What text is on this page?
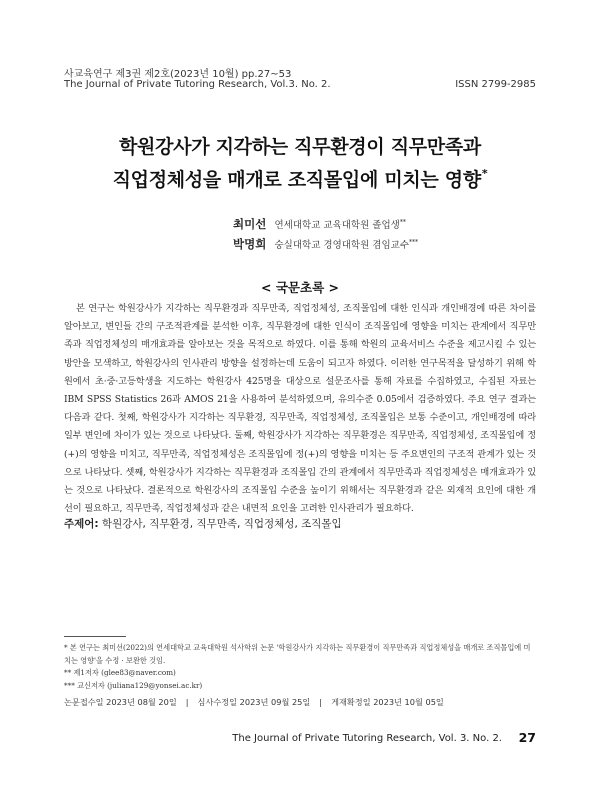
사교육연구 제3권 제2호(2023년 10월) pp.27~53
The Journal of Private Tutoring Research, Vol.3. No. 2.	ISSN 2799-2985
학원강사가 지각하는 직무환경이 직무만족과
직업정체성을 매개로 조직몰입에 미치는 영향*
최미선 연세대학교 교육대학원 졸업생**
박명희 숭실대학교 경영대학원 겸임교수***
< 국문초록 >
본 연구는 학원강사가 지각하는 직무환경과 직무만족, 직업정체성, 조직몰입에 대한 인식과 개인배경에 따른 차이를 알아보고, 변인들 간의 구조적관계를 분석한 이후, 직무환경에 대한 인식이 조직몰입에 영향을 미치는 관계에서 직무만족과 직업정체성의 매개효과를 알아보는 것을 목적으로 하였다. 이를 통해 학원의 교육서비스 수준을 제고시킬 수 있는 방안을 모색하고, 학원강사의 인사관리 방향을 설정하는데 도움이 되고자 하였다. 이러한 연구목적을 달성하기 위해 학원에서 초·중·고등학생을 지도하는 학원강사 425명을 대상으로 설문조사를 통해 자료를 수집하였고, 수집된 자료는 IBM SPSS Statistics 26과 AMOS 21을 사용하여 분석하였으며, 유의수준 0.05에서 검증하였다. 주요 연구 결과는 다음과 같다. 첫째, 학원강사가 지각하는 직무환경, 직무만족, 직업정체성, 조직몰입은 보통 수준이고, 개인배경에 따라 일부 변인에 차이가 있는 것으로 나타났다. 둘째, 학원강사가 지각하는 직무환경은 직무만족, 직업정체성, 조직몰입에 정(+)의 영향을 미치고, 직무만족, 직업정체성은 조직몰입에 정(+)의 영향을 미치는 등 주요변인의 구조적 관계가 있는 것으로 나타났다. 셋째, 학원강사가 지각하는 직무환경과 조직몰입 간의 관계에서 직무만족과 직업정체성은 매개효과가 있는 것으로 나타났다. 결론적으로 학원강사의 조직몰입 수준을 높이기 위해서는 직무환경과 같은 외재적 요인에 대한 개선이 필요하고, 직무만족, 직업정체성과 같은 내면적 요인을 고려한 인사관리가 필요하다.
주제어: 학원강사, 직무환경, 직무만족, 직업정체성, 조직몰입
* 본 연구는 최미선(2022)의 연세대학교 교육대학원 석사학위 논문 '학원강사가 지각하는 직무환경이 직무만족과 직업정체성을 매개로 조직몰입에 미치는 영향'을 수정 · 보완한 것임.
** 제1저자 (glee83@naver.com)
*** 교신저자 (juliana129@yonsei.ac.kr)
논문접수일 2023년 08월 20일 | 심사수정일 2023년 09월 25일 | 게재확정일 2023년 10월 05일
The Journal of Private Tutoring Research, Vol. 3. No. 2. 27
